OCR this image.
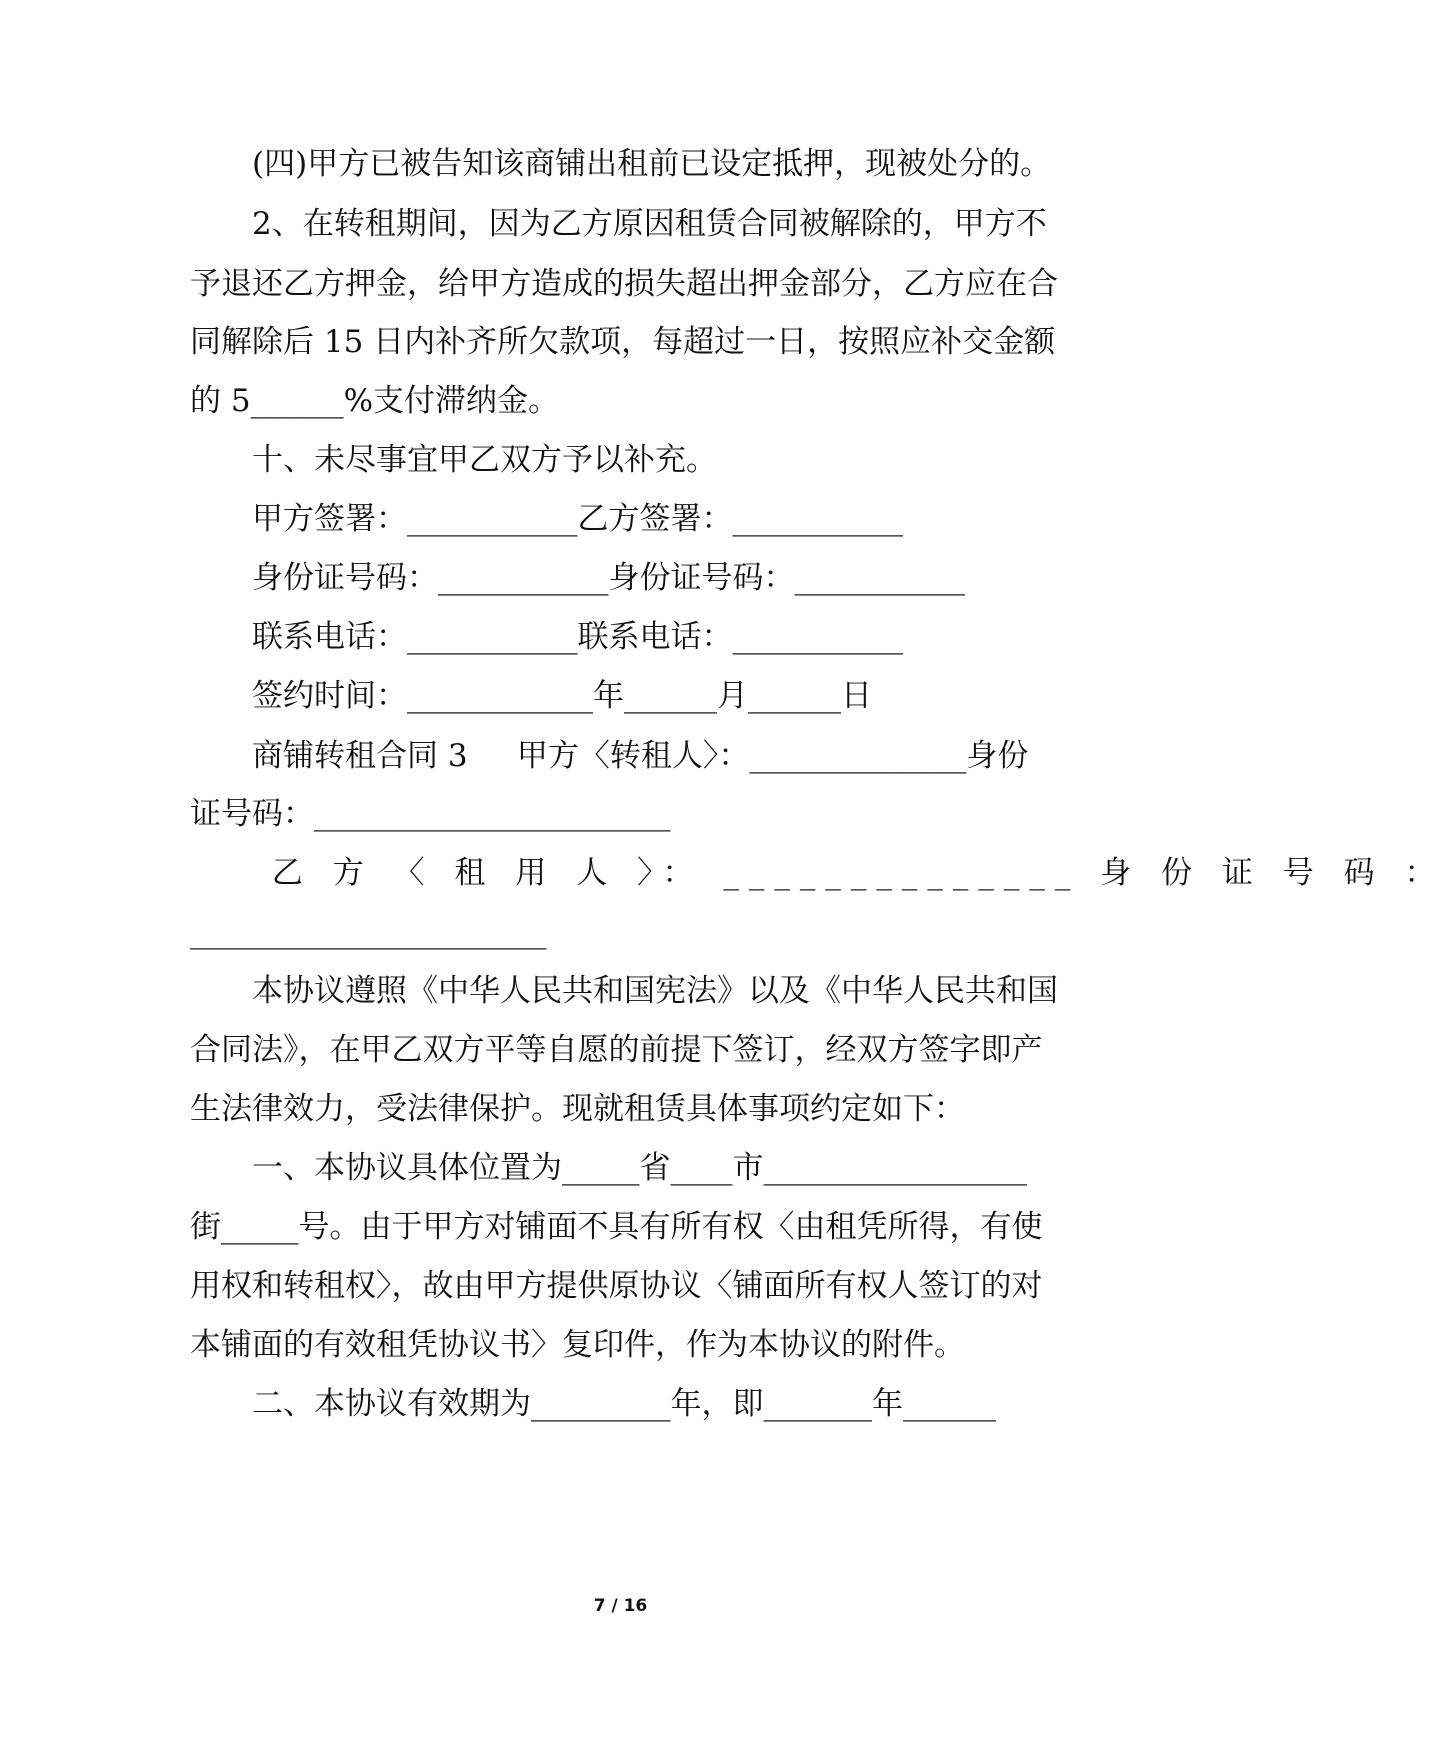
(四)甲方已被告知该商铺出租前已设定抵押，现被处分的。
2、在转租期间，因为乙方原因租赁合同被解除的，甲方不
予退还乙方押金，给甲方造成的损失超出押金部分，乙方应在合
同解除后 15 日内补齐所欠款项，每超过一日，按照应补交金额
的 5______%支付滞纳金。
十、未尽事宜甲乙双方予以补充。
甲方签署：___________乙方签署：___________
身份证号码：___________身份证号码：___________
联系电话：___________联系电话：___________
签约时间：____________年______月______日
商铺转租合同 3     甲方〈转租人〉：______________身份
证号码：_______________________
乙 方 〈 租 用 人 〉： ______________ 身 份 证 号 码 ：
_______________________
本协议遵照《中华人民共和国宪法》以及《中华人民共和国
合同法》，在甲乙双方平等自愿的前提下签订，经双方签字即产
生法律效力，受法律保护。现就租赁具体事项约定如下：
一、本协议具体位置为_____省____市_________________
街_____号。由于甲方对铺面不具有所有权〈由租凭所得，有使
用权和转租权〉，故由甲方提供原协议〈铺面所有权人签订的对
本铺面的有效租凭协议书〉复印件，作为本协议的附件。
二、本协议有效期为_________年，即_______年______
7 / 16
